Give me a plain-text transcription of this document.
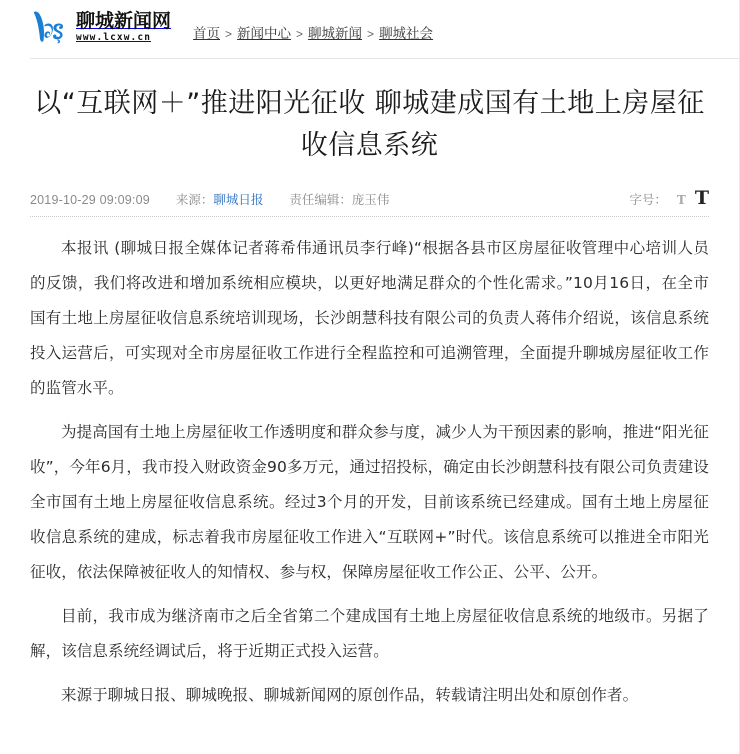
聊城新闻网
www.lcxw.cn	首页 > 新闻中心 > 聊城新闻 > 聊城社会
以“互联网＋”推进阳光征收 聊城建成国有土地上房屋征收信息系统
2019-10-29 09:09:09 来源：聊城日报 责任编辑：庞玉伟	字号： T T

本报讯 (聊城日报全媒体记者蒋希伟通讯员李行峰)“根据各县市区房屋征收管理中心培训人员的反馈，我们将改进和增加系统相应模块，以更好地满足群众的个性化需求。”10月16日，在全市国有土地上房屋征收信息系统培训现场，长沙朗慧科技有限公司的负责人蒋伟介绍说，该信息系统投入运营后，可实现对全市房屋征收工作进行全程监控和可追溯管理，全面提升聊城房屋征收工作的监管水平。

为提高国有土地上房屋征收工作透明度和群众参与度，减少人为干预因素的影响，推进“阳光征收”，今年6月，我市投入财政资金90多万元，通过招投标，确定由长沙朗慧科技有限公司负责建设全市国有土地上房屋征收信息系统。经过3个月的开发，目前该系统已经建成。国有土地上房屋征收信息系统的建成，标志着我市房屋征收工作进入“互联网+”时代。该信息系统可以推进全市阳光征收，依法保障被征收人的知情权、参与权，保障房屋征收工作公正、公平、公开。

目前，我市成为继济南市之后全省第二个建成国有土地上房屋征收信息系统的地级市。另据了解，该信息系统经调试后，将于近期正式投入运营。

来源于聊城日报、聊城晚报、聊城新闻网的原创作品，转载请注明出处和原创作者。
